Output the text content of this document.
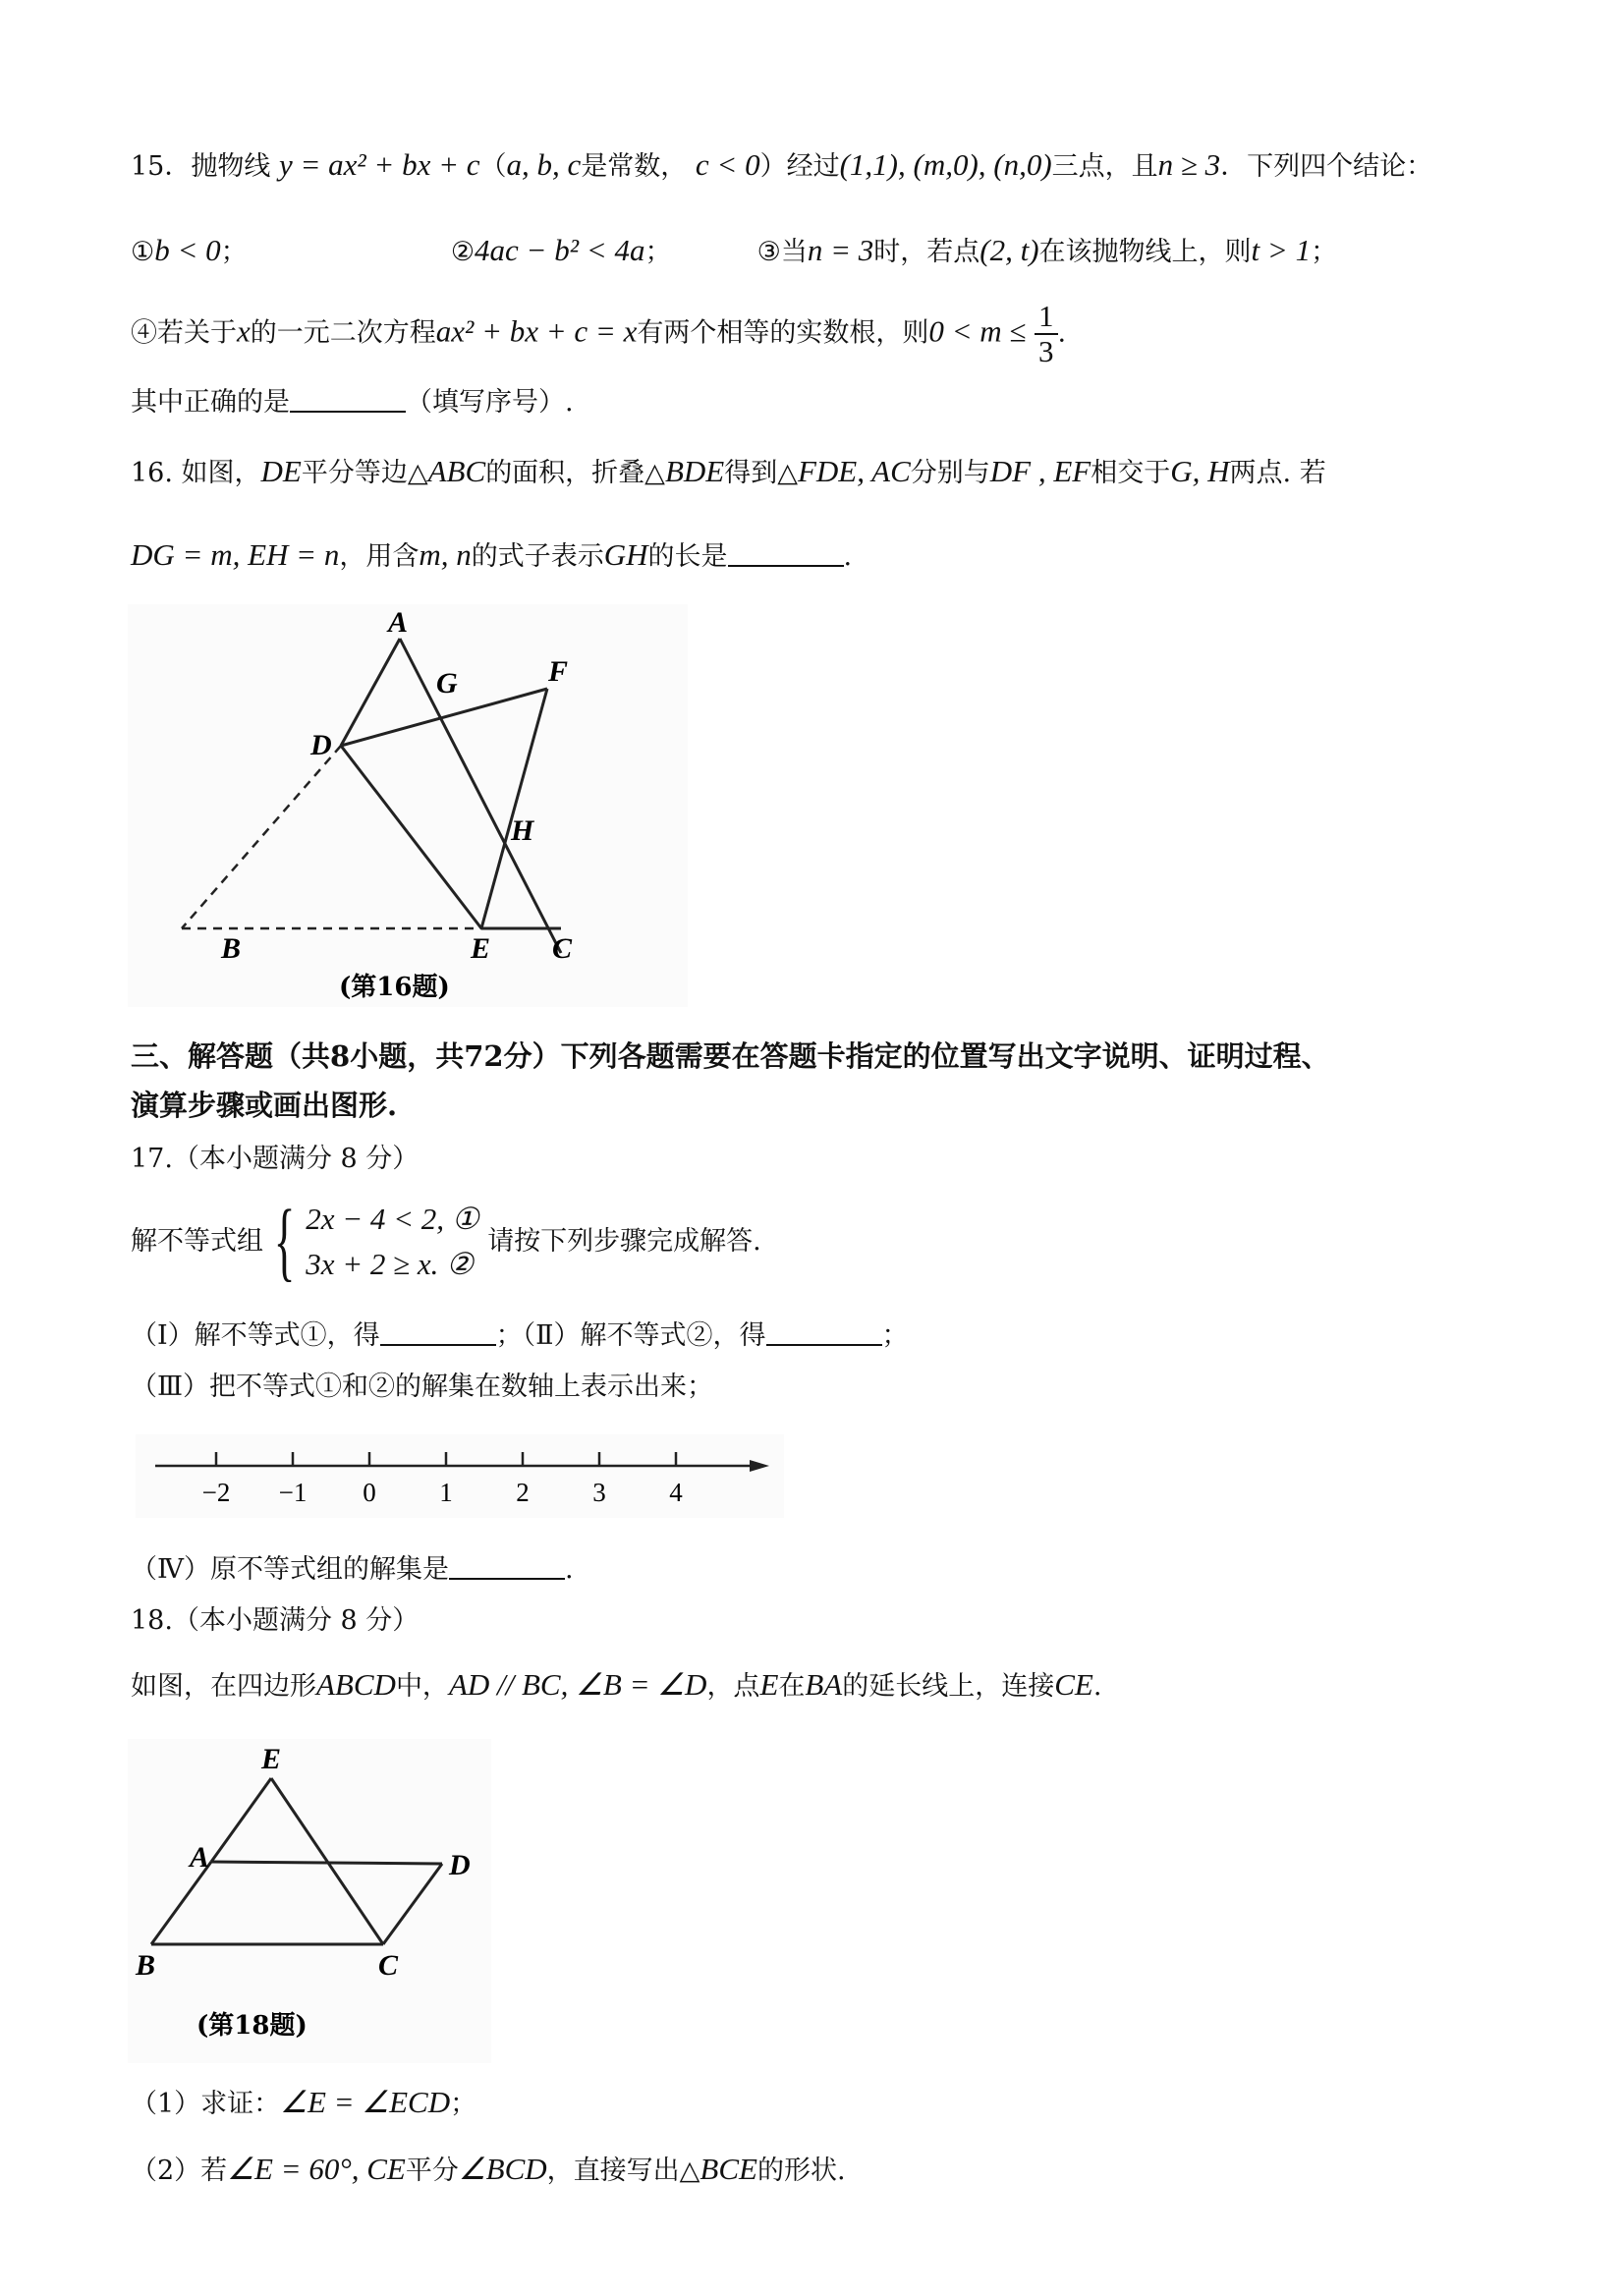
15．抛物线 y = ax² + bx + c（a, b, c是常数， c < 0）经过(1,1), (m,0), (n,0)三点，且n ≥ 3．下列四个结论：
①b < 0；	②4ac − b² < 4a；	③当n = 3时，若点(2, t)在该抛物线上，则t > 1；
④若关于x的一元二次方程ax² + bx + c = x有两个相等的实数根，则$0 < m \le \frac{1}{3}$ .
其中正确的是	（填写序号）.
16. 如图，DE平分等边△ABC的面积，折叠△BDE得到△FDE, AC分别与DF , EF相交于G, H两点. 若
DG = m, EH = n，用含m, n的式子表示GH的长是	.
A
G	F
D
H
B	E C
(第16题)
三、解答题（共8小题，共72分）下列各题需要在答题卡指定的位置写出文字说明、证明过程、
演算步骤或画出图形.
17.（本小题满分 8 分）
解不等式组 { 2x − 4 < 2, ①
3x + 2 ≥ x. ②
请按下列步骤完成解答.
（Ⅰ）解不等式①，得	；（Ⅱ）解不等式②，得	；
（Ⅲ）把不等式①和②的解集在数轴上表示出来；
−2 −1 0 1 2 3 4
（Ⅳ）原不等式组的解集是	.
18.（本小题满分 8 分）
如图，在四边形ABCD中，AD // BC, ∠B = ∠D，点E在BA的延长线上，连接CE.
E
A	D
B	C
(第18题)
（1）求证：∠E = ∠ECD；
（2）若∠E = 60°, CE平分∠BCD，直接写出△BCE的形状.
